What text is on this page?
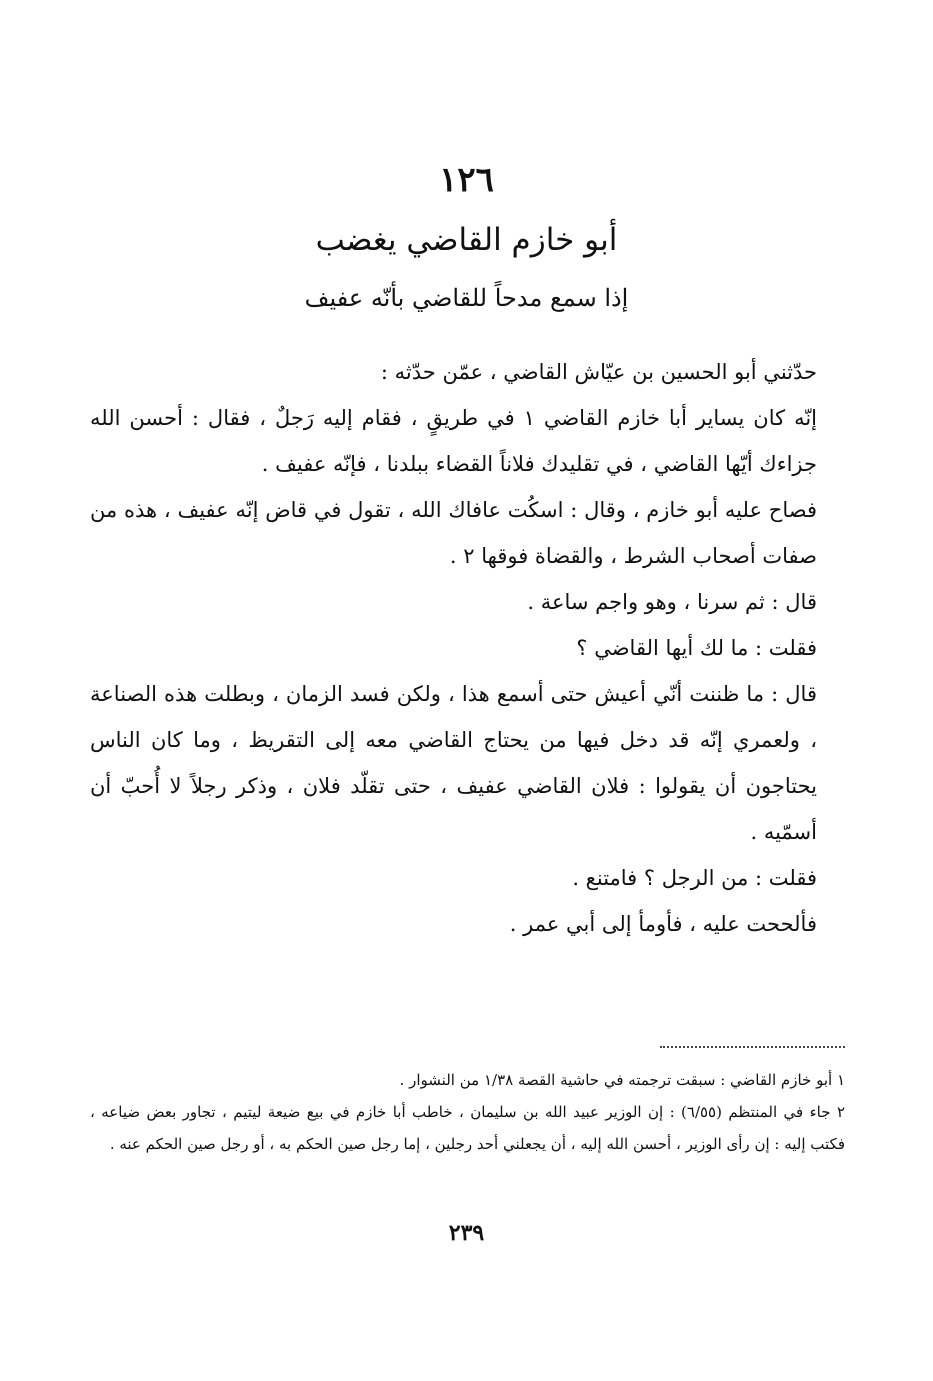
١٢٦
أبو خازم القاضي يغضب
إذا سمع مدحاً للقاضي بأنّه عفيف

حدّثني أبو الحسين بن عيّاش القاضي ، عمّن حدّثه :

إنّه كان يساير أبا خازم القاضي ١ في طريقٍ ، فقام إليه رَجلٌ ، فقال : أحسن الله جزاءك أيّها القاضي ، في تقليدك فلاناً القضاء ببلدنا ، فإنّه عفيف .

فصاح عليه أبو خازم ، وقال : اسكُت عافاك الله ، تقول في قاض إنّه عفيف ، هذه من صفات أصحاب الشرط ، والقضاة فوقها ٢ .

قال : ثم سرنا ، وهو واجم ساعة .

فقلت : ما لك أيها القاضي ؟

قال : ما ظننت أنّي أعيش حتى أسمع هذا ، ولكن فسد الزمان ، وبطلت هذه الصناعة ، ولعمري إنّه قد دخل فيها من يحتاج القاضي معه إلى التقريظ ، وما كان الناس يحتاجون أن يقولوا : فلان القاضي عفيف ، حتى تقلّد فلان ، وذكر رجلاً لا أُحبّ أن أسمّيه .

فقلت : من الرجل ؟ فامتنع .

فألححت عليه ، فأومأ إلى أبي عمر .

١ أبو خازم القاضي : سبقت ترجمته في حاشية القصة ١/٣٨ من النشوار .

٢ جاء في المنتظم (٦/٥٥) : إن الوزير عبيد الله بن سليمان ، خاطب أبا خازم في بيع ضيعة ليتيم ، تجاور بعض ضياعه ، فكتب إليه : إن رأى الوزير ، أحسن الله إليه ، أن يجعلني أحد رجلين ، إما رجل صين الحكم به ، أو رجل صين الحكم عنه .

٢٣٩
